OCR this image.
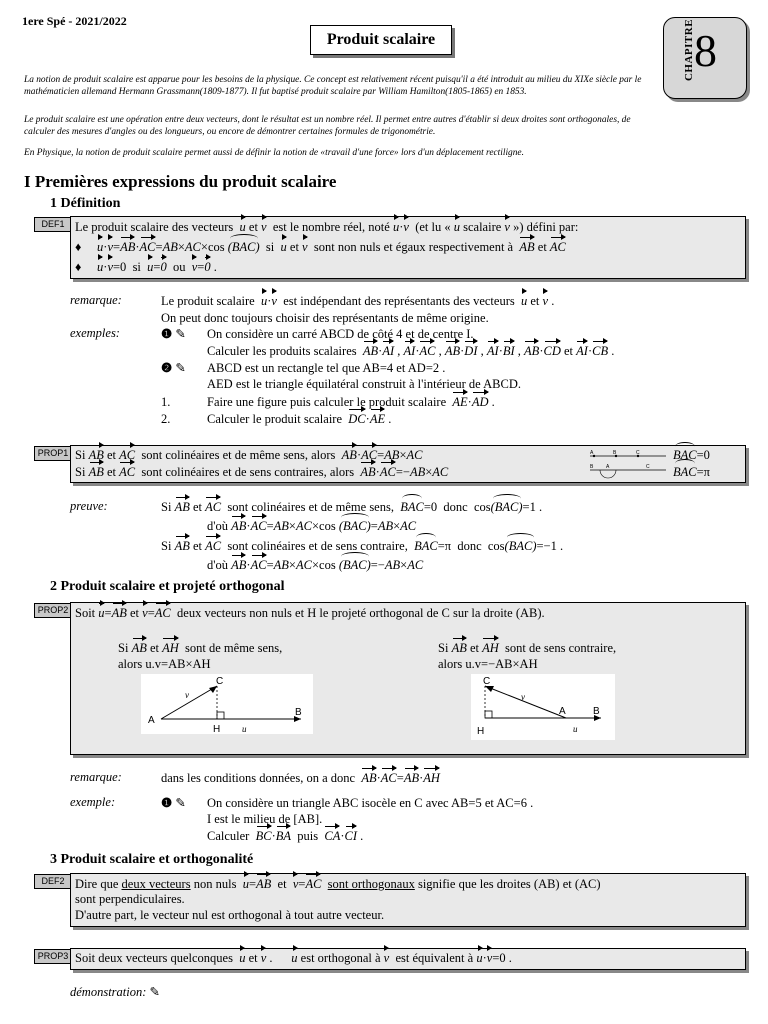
1ere Spé - 2021/2022
Produit scalaire	CHAPITRE
8
La notion de produit scalaire est apparue pour les besoins de la physique. Ce concept est relativement récent puisqu'il a été introduit au milieu du XIXe siècle par le mathématicien allemand Hermann Grassmann(1809-1877). Il fut baptisé produit scalaire par William Hamilton(1805-1865) en 1853.
Le produit scalaire est une opération entre deux vecteurs, dont le résultat est un nombre réel. Il permet entre autres d'établir si deux droites sont orthogonales, de calculer des mesures d'angles ou des longueurs, ou encore de démontrer certaines formules de trigonométrie.
En Physique, la notion de produit scalaire permet aussi de définir la notion de «travail d'une force» lors d'un déplacement rectiligne.
I Premières expressions du produit scalaire
1 Définition
DEF1 Le produit scalaire des vecteurs u et v  est le nombre réel, noté u·v  (et lu « u scalaire v ») défini par:
♦     u·v=AB·AC=AB×AC×cos (BAC) si u et v sont non nuls et égaux respectivement à AB et AC
♦     u·v=0  si u=0  ou  v=0 .
remarque:	Le produit scalaire u·v est indépendant des représentants des vecteurs u et v .
On peut donc toujours choisir des représentants de même origine.
exemples:	❶ ✎ On considère un carré ABCD de côté 4 et de centre I.
Calculer les produits scalaires AB·AI , AI·AC , AB·DI , AI·BI , AB·CD et AI·CB .
❷ ✎ ABCD est un rectangle tel que AB=4 et AD=2 .
AED est le triangle équilatéral construit à l'intérieur de ABCD.
1.	Faire une figure puis calculer le produit scalaire AE·AD .
2.	Calculer le produit scalaire DC·AE .
PROP1 Si AB et AC sont colinéaires et de même sens, alors AB·AC=AB×AC
Si AB et AC sont colinéaires et de sens contraires, alors AB·AC=−AB×AC
A	B	C
B	A	C
BAC=0
BAC=π
preuve:	Si AB et AC sont colinéaires et de même sens, BAC=0  donc  cos(BAC)=1 .
d'où AB·AC=AB×AC×cos (BAC)=AB×AC
Si AB et AC sont colinéaires et de sens contraire, BAC=π  donc  cos(BAC)=−1 .
d'où AB·AC=AB×AC×cos (BAC)=−AB×AC
2 Produit scalaire et projeté orthogonal
PROP2 Soit u=AB et v=AC deux vecteurs non nuls et H le projeté orthogonal de C sur la droite (AB).
Si AB et AH sont de même sens,
alors u.v=AB×AH
Si AB et AH sont de sens contraire,
alors u.v=−AB×AH
A
C
H
B
v
u
C
H
A	B
v
u
remarque:	dans les conditions données, on a donc AB·AC=AB·AH
exemple:	❶ ✎ On considère un triangle ABC isocèle en C avec AB=5 et AC=6 .
I est le milieu de [AB].
Calculer BC·BA  puis  CA·CI .
3 Produit scalaire et orthogonalité
DEF2 Dire que deux vecteurs non nuls u=AB  et  v=AC sont orthogonaux signifie que les droites (AB) et (AC)
sont perpendiculaires.
D'autre part, le vecteur nul est orthogonal à tout autre vecteur.
PROP3 Soit deux vecteurs quelconques u et v .      u est orthogonal à v  est équivalent à u·v=0 .
démonstration: ✎
